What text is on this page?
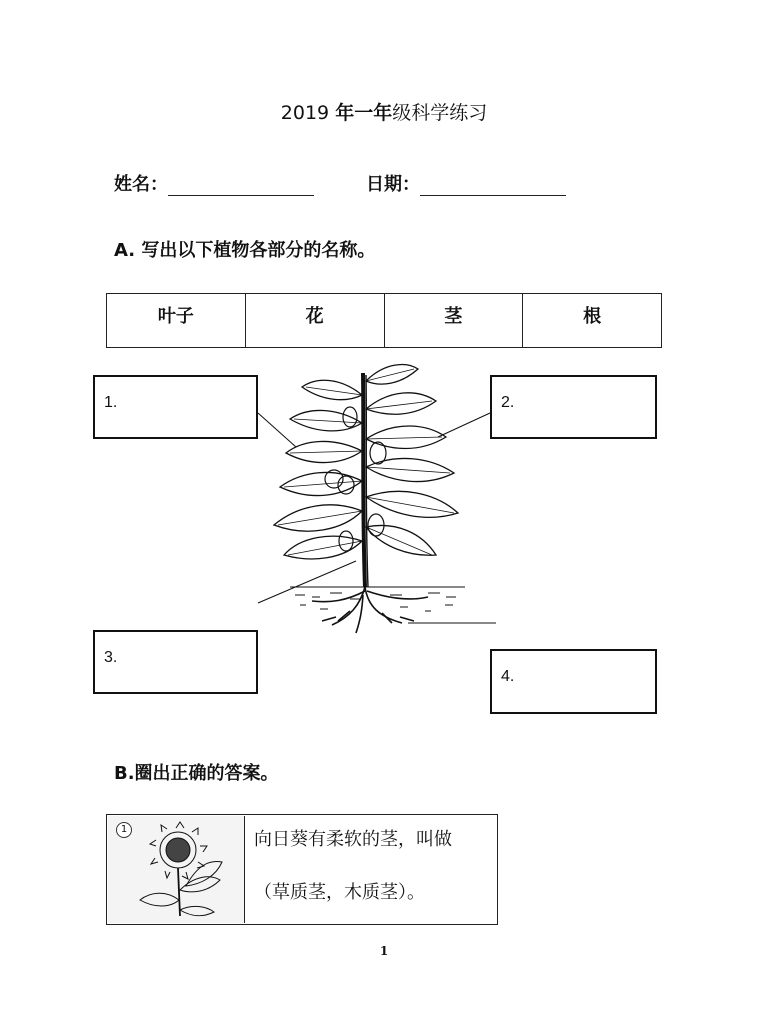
2019 年一年级科学练习
姓名：	日期：
A. 写出以下植物各部分的名称。
叶子	花	茎	根
1.	2.
3.
4.
B.圈出正确的答案。
1	向日葵有柔软的茎，叫做
（草质茎，木质茎）。
1
